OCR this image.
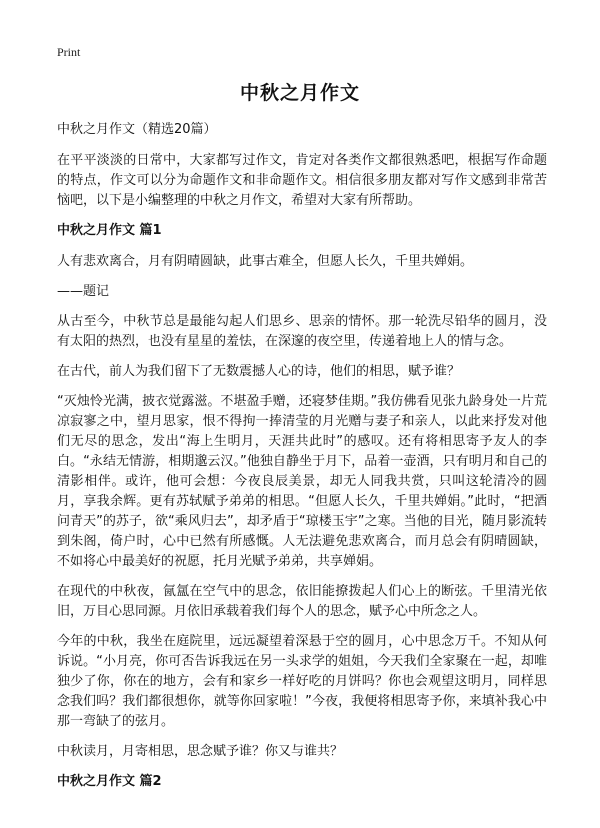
Print
中秋之月作文
中秋之月作文（精选20篇）

在平平淡淡的日常中，大家都写过作文，肯定对各类作文都很熟悉吧，根据写作命题的特点，作文可以分为命题作文和非命题作文。相信很多朋友都对写作文感到非常苦恼吧，以下是小编整理的中秋之月作文，希望对大家有所帮助。

中秋之月作文 篇1

人有悲欢离合，月有阴晴圆缺，此事古难全，但愿人长久，千里共婵娟。

——题记

从古至今，中秋节总是最能勾起人们思乡、思亲的情怀。那一轮洗尽铅华的圆月，没有太阳的热烈，也没有星星的羞怯，在深邃的夜空里，传递着地上人的情与念。

在古代，前人为我们留下了无数震撼人心的诗，他们的相思，赋予谁？

“灭烛怜光满，披衣觉露滋。不堪盈手赠，还寝梦佳期。”我仿佛看见张九龄身处一片荒凉寂寥之中，望月思家，恨不得拘一捧清莹的月光赠与妻子和亲人，以此来抒发对他们无尽的思念，发出“海上生明月，天涯共此时”的感叹。还有将相思寄予友人的李白。“永结无情游，相期邈云汉。”他独自静坐于月下，品着一壶酒，只有明月和自己的清影相伴。或许，他可会想：今夜良辰美景，却无人同我共赏，只叫这轮清冷的圆月，享我余辉。更有苏轼赋予弟弟的相思。“但愿人长久，千里共婵娟。”此时，“把酒问青天”的苏子，欲“乘风归去”，却矛盾于“琼楼玉宇”之寒。当他的目光，随月影流转到朱阁，倚户时，心中已然有所感慨。人无法避免悲欢离合，而月总会有阴晴圆缺，不如将心中最美好的祝愿，托月光赋予弟弟，共享婵娟。

在现代的中秋夜，氤氲在空气中的思念，依旧能撩拨起人们心上的断弦。千里清光依旧，万目心思同源。月依旧承载着我们每个人的思念，赋予心中所念之人。

今年的中秋，我坐在庭院里，远远凝望着深悬于空的圆月，心中思念万千。不知从何诉说。“小月亮，你可否告诉我远在另一头求学的姐姐，今天我们全家聚在一起，却唯独少了你，你在的地方，会有和家乡一样好吃的月饼吗？你也会观望这明月，同样思念我们吗？我们都很想你，就等你回家啦！”今夜，我便将相思寄予你，来填补我心中那一弯缺了的弦月。

中秋读月，月寄相思，思念赋予谁？你又与谁共？

中秋之月作文 篇2
